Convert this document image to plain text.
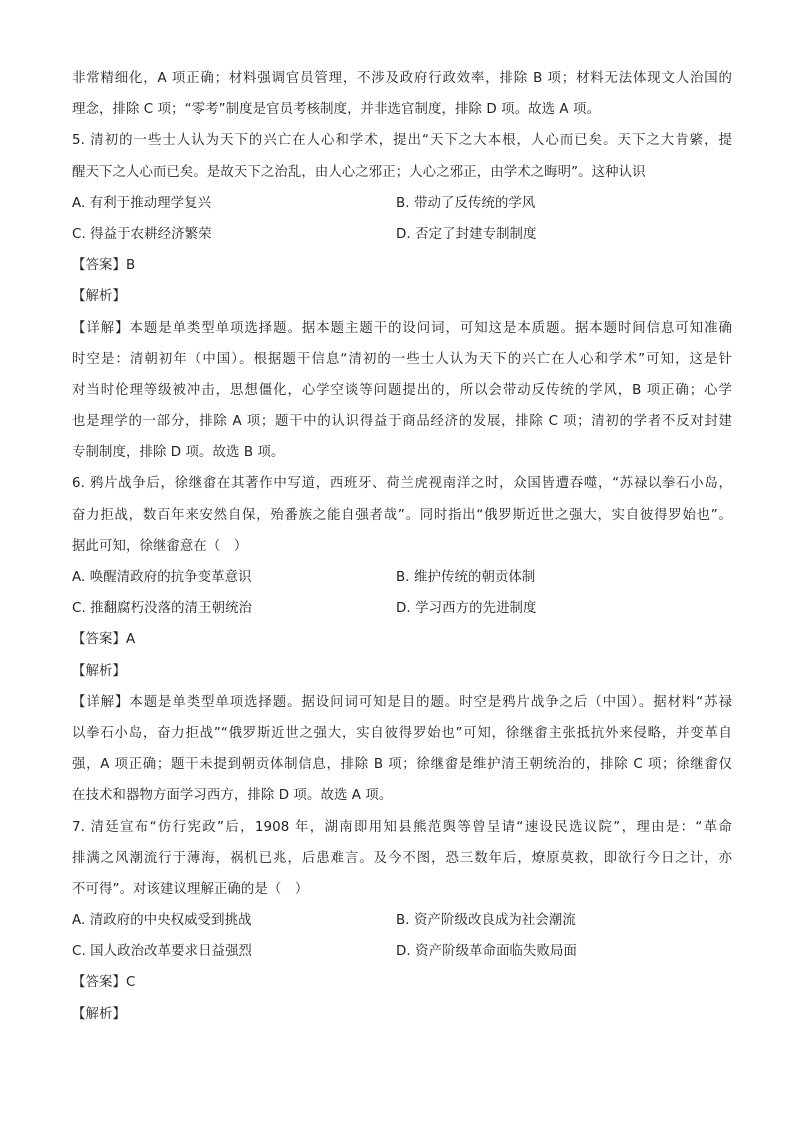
非常精细化，A 项正确；材料强调官员管理，不涉及政府行政效率，排除 B 项；材料无法体现文人治国的
理念，排除 C 项；“零考”制度是官员考核制度，并非选官制度，排除 D 项。故选 A 项。
5. 清初的一些士人认为天下的兴亡在人心和学术，提出“天下之大本根，人心而已矣。天下之大肯綮，提
醒天下之人心而已矣。是故天下之治乱，由人心之邪正；人心之邪正，由学术之晦明”。这种认识
A. 有利于推动理学复兴	B. 带动了反传统的学风
C. 得益于农耕经济繁荣	D. 否定了封建专制制度
【答案】B
【解析】
【详解】本题是单类型单项选择题。据本题主题干的设问词，可知这是本质题。据本题时间信息可知准确
时空是：清朝初年（中国）。根据题干信息“清初的一些士人认为天下的兴亡在人心和学术”可知，这是针
对当时伦理等级被冲击，思想僵化，心学空谈等问题提出的，所以会带动反传统的学风，B 项正确；心学
也是理学的一部分，排除 A 项；题干中的认识得益于商品经济的发展，排除 C 项；清初的学者不反对封建
专制制度，排除 D 项。故选 B 项。
6. 鸦片战争后，徐继畬在其著作中写道，西班牙、荷兰虎视南洋之时，众国皆遭吞噬，“苏禄以拳石小岛，
奋力拒战，数百年来安然自保，殆番族之能自强者哉”。同时指出“俄罗斯近世之强大，实自彼得罗始也”。
据此可知，徐继畬意在（　）
A. 唤醒清政府的抗争变革意识	B. 维护传统的朝贡体制
C. 推翻腐朽没落的清王朝统治	D. 学习西方的先进制度
【答案】A
【解析】
【详解】本题是单类型单项选择题。据设问词可知是目的题。时空是鸦片战争之后（中国）。据材料“苏禄
以拳石小岛，奋力拒战”“俄罗斯近世之强大，实自彼得罗始也”可知，徐继畬主张抵抗外来侵略，并变革自
强，A 项正确；题干未提到朝贡体制信息，排除 B 项；徐继畬是维护清王朝统治的，排除 C 项；徐继畬仅
在技术和器物方面学习西方，排除 D 项。故选 A 项。
7. 清廷宣布“仿行宪政”后，1908 年，湖南即用知县熊范舆等曾呈请“速设民选议院”，理由是：“革命
排满之风潮流行于薄海，祸机已兆，后患难言。及今不图，恐三数年后，燎原莫救，即欲行今日之计，亦
不可得”。对该建议理解正确的是（　）
A. 清政府的中央权威受到挑战	B. 资产阶级改良成为社会潮流
C. 国人政治改革要求日益强烈	D. 资产阶级革命面临失败局面
【答案】C
【解析】
